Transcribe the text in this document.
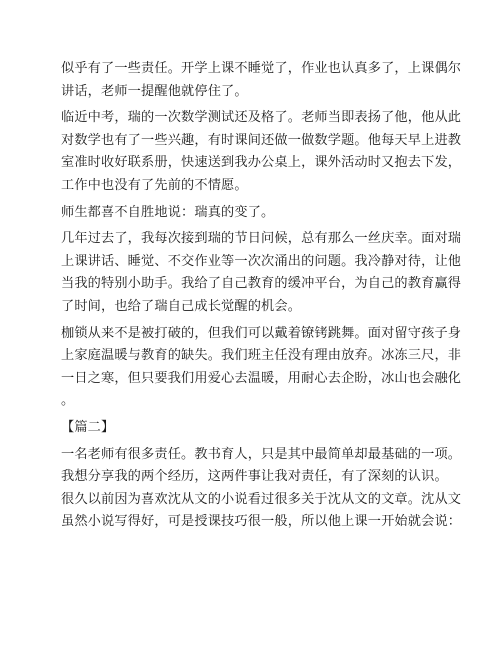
似乎有了一些责任。开学上课不睡觉了，作业也认真多了，上课偶尔
讲话，老师一提醒他就停住了。
临近中考，瑞的一次数学测试还及格了。老师当即表扬了他，他从此
对数学也有了一些兴趣，有时课间还做一做数学题。他每天早上进教
室准时收好联系册，快速送到我办公桌上，课外活动时又抱去下发，
工作中也没有了先前的不情愿。
师生都喜不自胜地说：瑞真的变了。
几年过去了，我每次接到瑞的节日问候，总有那么一丝庆幸。面对瑞
上课讲话、睡觉、不交作业等一次次涌出的问题。我冷静对待，让他
当我的特别小助手。我给了自己教育的缓冲平台，为自己的教育赢得
了时间，也给了瑞自己成长觉醒的机会。
枷锁从来不是被打破的，但我们可以戴着镣铐跳舞。面对留守孩子身
上家庭温暖与教育的缺失。我们班主任没有理由放弃。冰冻三尺，非
一日之寒，但只要我们用爱心去温暖，用耐心去企盼，冰山也会融化
。
【篇二】
一名老师有很多责任。教书育人，只是其中最简单却最基础的一项。
我想分享我的两个经历，这两件事让我对责任，有了深刻的认识。
很久以前因为喜欢沈从文的小说看过很多关于沈从文的文章。沈从文
虽然小说写得好，可是授课技巧很一般，所以他上课一开始就会说：
